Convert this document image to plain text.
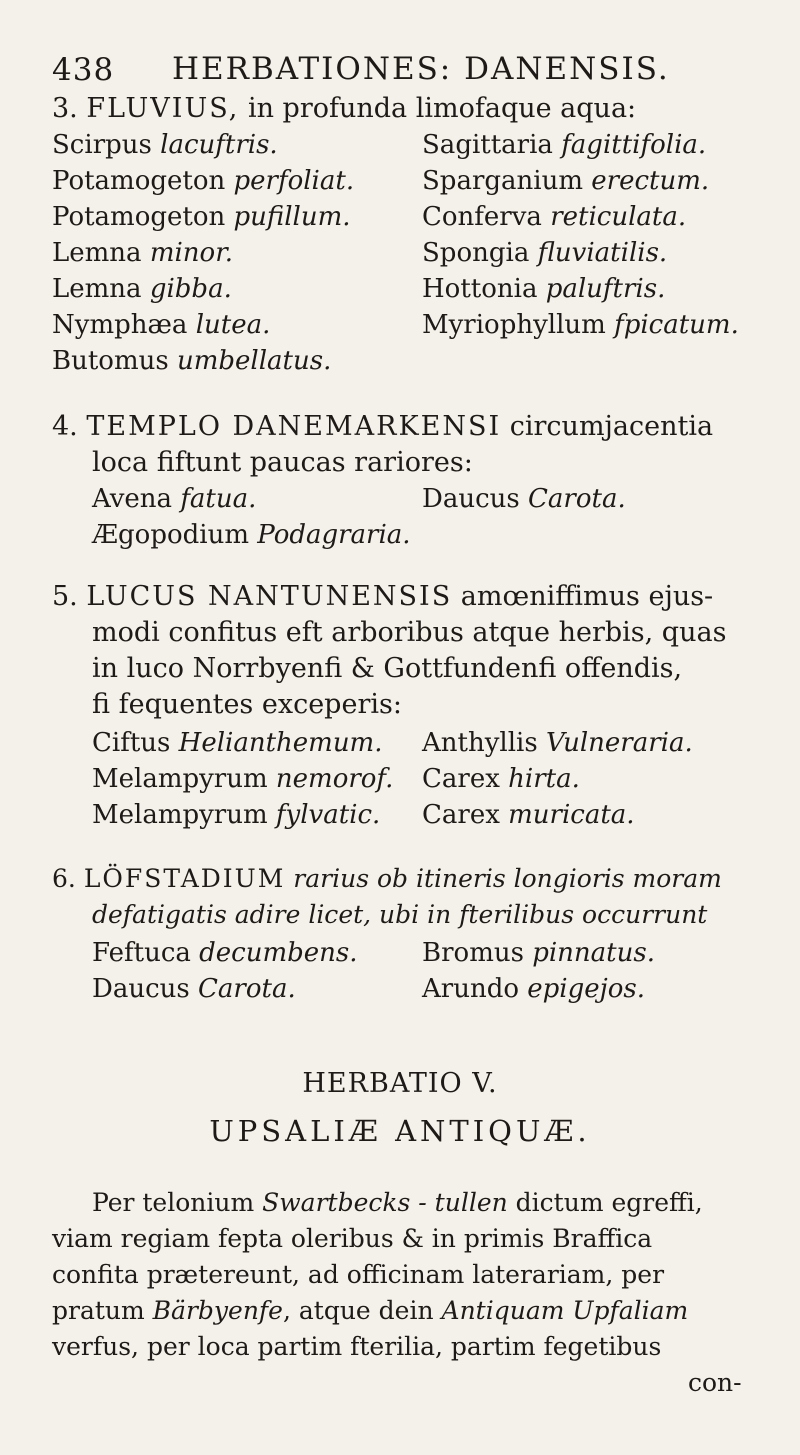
438 HERBATIONES: DANENSIS.
3. FLUVIUS, in profunda limofaque aqua:
Scirpus lacuftris.	Sagittaria fagittifolia.
Potamogeton perfoliat.	Sparganium erectum.
Potamogeton pufillum.	Conferva reticulata.
Lemna minor.	Spongia fluviatilis.
Lemna gibba.	Hottonia paluftris.
Nymphæa lutea.	Myriophyllum fpicatum.
Butomus umbellatus.
4. TEMPLO DANEMARKENSI circumjacentia
loca fiftunt paucas rariores:
Avena fatua.	Daucus Carota.
Ægopodium Podagraria.
5. LUCUS NANTUNENSIS amœniffimus ejus-
modi confitus eft arboribus atque herbis, quas
in luco Norrbyenfi & Gottfundenfi offendis,
fi fequentes exceperis:
Ciftus Helianthemum. Anthyllis Vulneraria.
Melampyrum nemorof. Carex hirta.
Melampyrum fylvatic. Carex muricata.
6. LÖFSTADIUM rarius ob itineris longioris moram
defatigatis adire licet, ubi in fterilibus occurrunt
Feftuca decumbens. Bromus pinnatus.
Daucus Carota.	Arundo epigejos.
HERBATIO V.
UPSALIÆ ANTIQUÆ.
Per telonium Swartbecks - tullen dictum egreffi,
viam regiam fepta oleribus & in primis Braffica
confita prætereunt, ad officinam laterariam, per
pratum Bärbyenfe, atque dein Antiquam Upfaliam
verfus, per loca partim fterilia, partim fegetibus
con-
